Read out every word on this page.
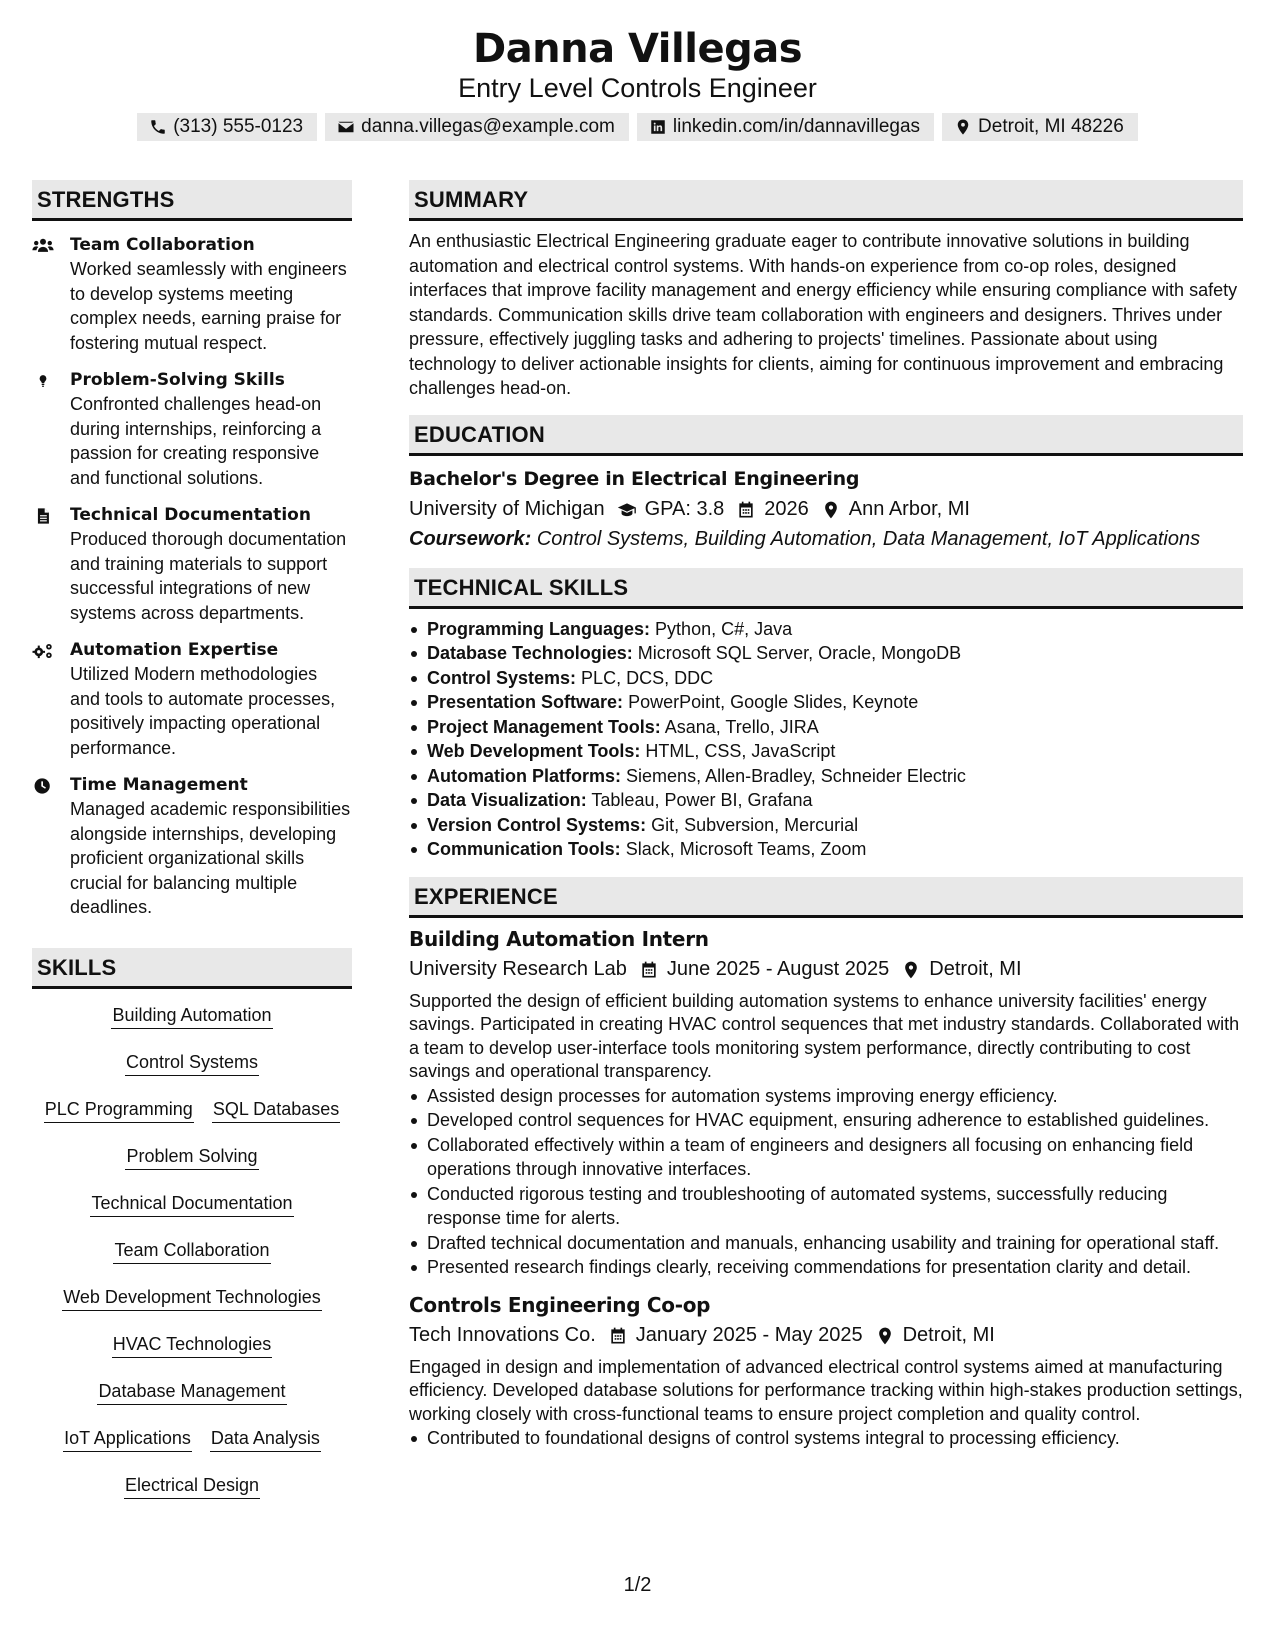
Danna Villegas
Entry Level Controls Engineer
(313) 555-0123	danna.villegas@example.com	linkedin.com/in/dannavillegas	Detroit, MI 48226
STRENGTHS
Team Collaboration
Worked seamlessly with engineers to develop systems meeting complex needs, earning praise for fostering mutual respect.
Problem-Solving Skills
Confronted challenges head-on during internships, reinforcing a passion for creating responsive and functional solutions.
Technical Documentation
Produced thorough documentation and training materials to support successful integrations of new systems across departments.
Automation Expertise
Utilized Modern methodologies and tools to automate processes, positively impacting operational performance.
Time Management
Managed academic responsibilities alongside internships, developing proficient organizational skills crucial for balancing multiple deadlines.
SKILLS
Building Automation
Control Systems
PLC Programming SQL Databases
Problem Solving
Technical Documentation
Team Collaboration
Web Development Technologies
HVAC Technologies
Database Management
IoT Applications Data Analysis
Electrical Design
SUMMARY

An enthusiastic Electrical Engineering graduate eager to contribute innovative solutions in building automation and electrical control systems. With hands-on experience from co-op roles, designed interfaces that improve facility management and energy efficiency while ensuring compliance with safety standards. Communication skills drive team collaboration with engineers and designers. Thrives under pressure, effectively juggling tasks and adhering to projects' timelines. Passionate about using technology to deliver actionable insights for clients, aiming for continuous improvement and embracing challenges head-on.

EDUCATION
Bachelor's Degree in Electrical Engineering
University of Michigan GPA: 3.8 2026 Ann Arbor, MI
Coursework: Control Systems, Building Automation, Data Management, IoT Applications
TECHNICAL SKILLS
Programming Languages: Python, C#, Java
Database Technologies: Microsoft SQL Server, Oracle, MongoDB
Control Systems: PLC, DCS, DDC
Presentation Software: PowerPoint, Google Slides, Keynote
Project Management Tools: Asana, Trello, JIRA
Web Development Tools: HTML, CSS, JavaScript
Automation Platforms: Siemens, Allen-Bradley, Schneider Electric
Data Visualization: Tableau, Power BI, Grafana
Version Control Systems: Git, Subversion, Mercurial
Communication Tools: Slack, Microsoft Teams, Zoom
EXPERIENCE
Building Automation Intern
University Research Lab June 2025 - August 2025 Detroit, MI

Supported the design of efficient building automation systems to enhance university facilities' energy savings. Participated in creating HVAC control sequences that met industry standards. Collaborated with a team to develop user-interface tools monitoring system performance, directly contributing to cost savings and operational transparency.

Assisted design processes for automation systems improving energy efficiency.
Developed control sequences for HVAC equipment, ensuring adherence to established guidelines.
Collaborated effectively within a team of engineers and designers all focusing on enhancing field operations through innovative interfaces.
Conducted rigorous testing and troubleshooting of automated systems, successfully reducing response time for alerts.
Drafted technical documentation and manuals, enhancing usability and training for operational staff.
Presented research findings clearly, receiving commendations for presentation clarity and detail.
Controls Engineering Co-op
Tech Innovations Co. January 2025 - May 2025 Detroit, MI

Engaged in design and implementation of advanced electrical control systems aimed at manufacturing efficiency. Developed database solutions for performance tracking within high-stakes production settings, working closely with cross-functional teams to ensure project completion and quality control.

Contributed to foundational designs of control systems integral to processing efficiency.
1/2
